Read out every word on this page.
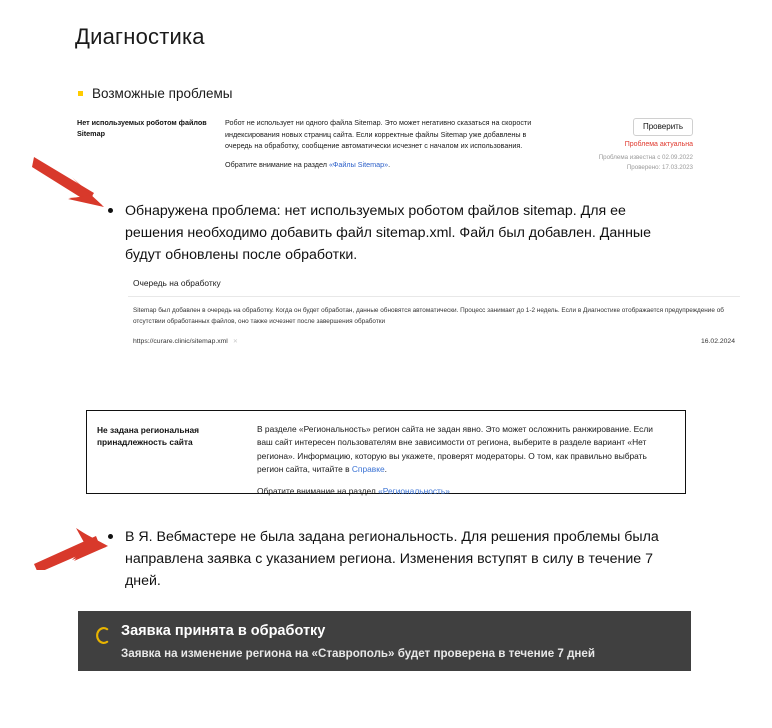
Диагностика
Возможные проблемы
Нет используемых роботом файлов Sitemap
Робот не использует ни одного файла Sitemap. Это может негативно сказаться на скорости индексирования новых страниц сайта. Если корректные файлы Sitemap уже добавлены в очередь на обработку, сообщение автоматически исчезнет с началом их использования.
Обратите внимание на раздел «Файлы Sitemap».
Проверить
Проблема актуальна
Проблема известна с 02.09.2022
Проверено: 17.03.2023
Обнаружена проблема: нет используемых роботом файлов sitemap. Для ее решения необходимо добавить файл sitemap.xml. Файл был добавлен. Данные будут обновлены после обработки.
Очередь на обработку
Sitemap был добавлен в очередь на обработку. Когда он будет обработан, данные обновятся автоматически. Процесс занимает до 1-2 недель. Если в Диагностике отображается предупреждение об отсутствии обработанных файлов, оно также исчезнет после завершения обработки
https://curare.clinic/sitemap.xml ✕	16.02.2024
Не задана региональная принадлежность сайта
В разделе «Региональность» регион сайта не задан явно. Это может осложнить ранжирование. Если ваш сайт интересен пользователям вне зависимости от региона, выберите в разделе вариант «Нет региона». Информацию, которую вы укажете, проверят модераторы. О том, как правильно выбрать регион сайта, читайте в Справке.
Обратите внимание на раздел «Региональность».
В Я. Вебмастере не была задана региональность. Для решения проблемы была направлена заявка с указанием региона. Изменения вступят в силу в течение 7 дней.
Заявка принята в обработку
Заявка на изменение региона на «Ставрополь» будет проверена в течение 7 дней
